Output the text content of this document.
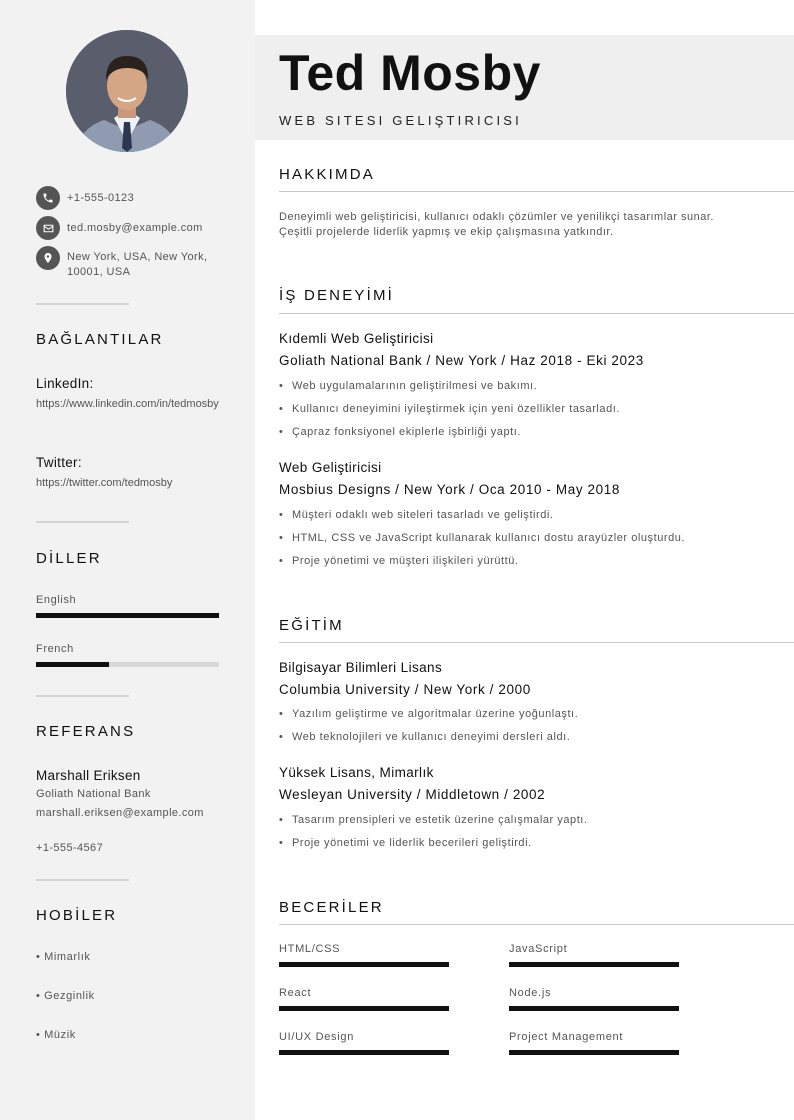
+1-555-0123
ted.mosby@example.com
New York, USA, New York, 10001, USA
BAĞLANTILAR
LinkedIn:
https://www.linkedin.com/in/tedmosby
Twitter:
https://twitter.com/tedmosby
DİLLER
English
French
REFERANS
Marshall Eriksen
Goliath National Bank
marshall.eriksen@example.com
+1-555-4567
HOBİLER
• Mimarlık
• Gezginlik
• Müzik
Ted Mosby
WEB SITESI GELIŞTIRICISI
HAKKIMDA
Deneyimli web geliştiricisi, kullanıcı odaklı çözümler ve yenilikçi tasarımlar sunar. Çeşitli projelerde liderlik yapmış ve ekip çalışmasına yatkındır.
İŞ DENEYİMİ
Kıdemli Web Geliştiricisi
Goliath National Bank / New York / Haz 2018 - Eki 2023
• Web uygulamalarının geliştirilmesi ve bakımı.
• Kullanıcı deneyimini iyileştirmek için yeni özellikler tasarladı.
• Çapraz fonksiyonel ekiplerle işbirliği yaptı.
Web Geliştiricisi
Mosbius Designs / New York / Oca 2010 - May 2018
• Müşteri odaklı web siteleri tasarladı ve geliştirdi.
• HTML, CSS ve JavaScript kullanarak kullanıcı dostu arayüzler oluşturdu.
• Proje yönetimi ve müşteri ilişkileri yürüttü.
EĞİTİM
Bilgisayar Bilimleri Lisans
Columbia University / New York / 2000
• Yazılım geliştirme ve algoritmalar üzerine yoğunlaştı.
• Web teknolojileri ve kullanıcı deneyimi dersleri aldı.
Yüksek Lisans, Mimarlık
Wesleyan University / Middletown / 2002
• Tasarım prensipleri ve estetik üzerine çalışmalar yaptı.
• Proje yönetimi ve liderlik becerileri geliştirdi.
BECERİLER
HTML/CSS	JavaScript
React	Node.js
UI/UX Design	Project Management
